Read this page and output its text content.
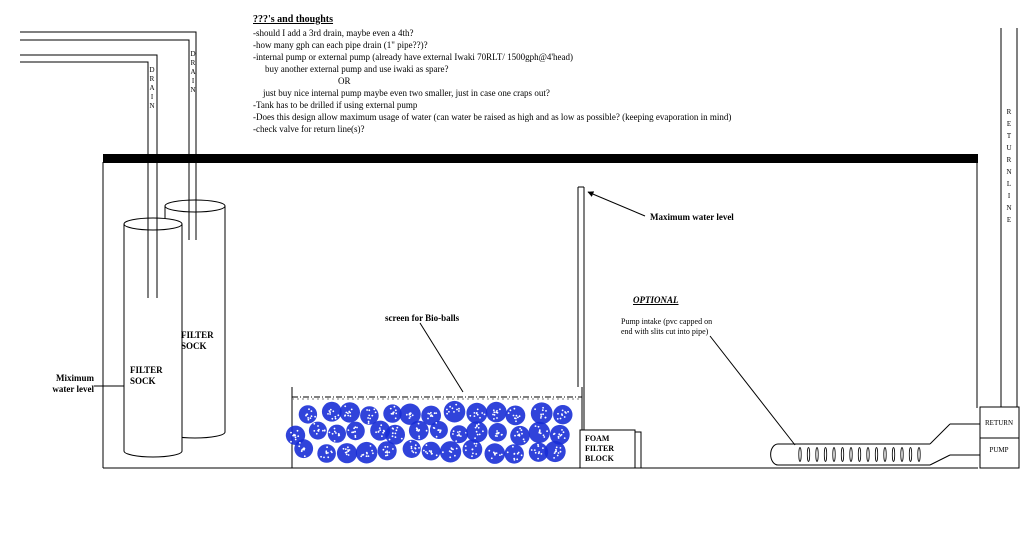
RETURN
PUMP
???'s and thoughts
-should I add a 3rd drain, maybe even a 4th?
-how many gph can each pipe drain (1" pipe??)?
-internal pump or external pump (already have external Iwaki 70RLT/ 1500gph@4'head)
buy another external pump and use iwaki as spare?
OR
just buy nice internal pump maybe even two smaller, just in case one craps out?
-Tank has to be drilled if using external pump
-Does this design allow maximum usage of water (can water be raised as high and as low as possible? (keeping evaporation in mind)
-check valve for return line(s)?
D
R
A
I
N
D
R
A
I
N
R
E
T
U
R
N
L
I
N
E
FILTER SOCK
FILTER SOCK
Miximum water level
Maximum water level
screen for Bio-balls
OPTIONAL
Pump intake (pvc capped on end with slits cut into pipe)
FOAM FILTER BLOCK
